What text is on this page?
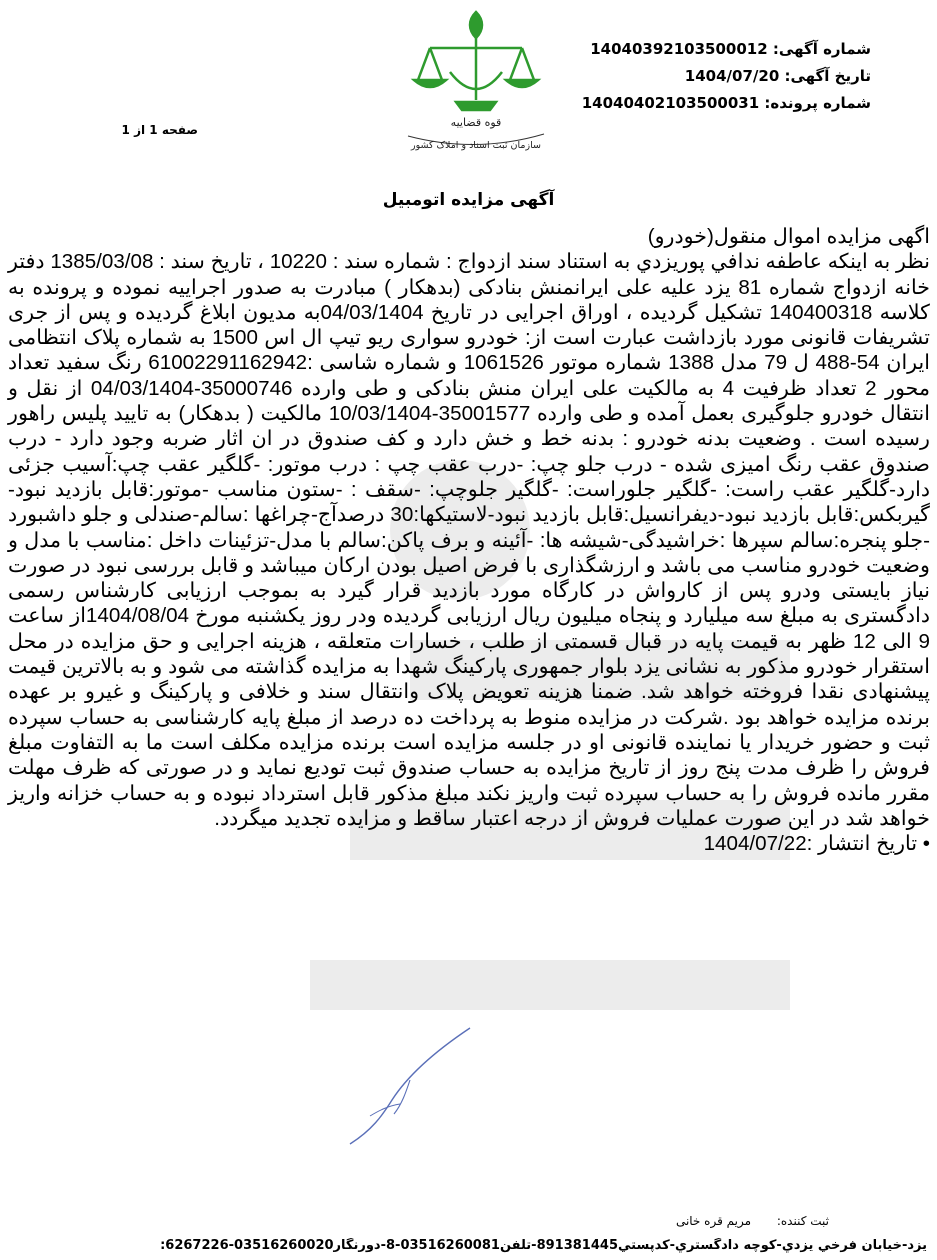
شماره آگهی: 14040392103500012
تاریخ آگهی: 1404/07/20
شماره پرونده: 14040402103500031
صفحه 1 از 1
قوه قضاییه
سازمان ثبت اسناد و املاک کشور
آگهی مزایده اتومبیل

اگهی مزایده اموال منقول(خودرو)

نظر به اینکه عاطفه ندافي پوریزدي به استناد سند ازدواج : شماره سند : 10220 ، تاریخ سند : 1385/03/08 دفتر خانه ازدواج شماره 81 یزد علیه علی ایرانمنش بنادکی (بدهکار ) مبادرت به صدور اجراییه نموده و پرونده به کلاسه 140400318 تشکیل گردیده ، اوراق اجرایی در تاریخ 04/03/1404به مدیون ابلاغ گردیده و پس از جری تشریفات قانونی مورد بازداشت عبارت است از: خودرو سواری ریو تیپ ال اس 1500 به شماره پلاک انتظامی ایران 54-488 ل 79 مدل 1388 شماره موتور 1061526 و شماره شاسی :61002291162942 رنگ سفید تعداد محور 2 تعداد ظرفیت 4 به مالکیت علی ایران منش بنادکی و طی وارده 35000746-04/03/1404 از نقل و انتقال خودرو جلوگیری بعمل آمده و طی وارده 35001577-10/03/1404 مالکیت ( بدهکار) به تایید پلیس راهور رسیده است . وضعیت بدنه خودرو : بدنه خط و خش دارد و کف صندوق در ان اثار ضربه وجود دارد - درب صندوق عقب رنگ امیزی شده - درب جلو چپ: -درب عقب چپ : درب موتور: -گلگیر عقب چپ:آسیب جزئی دارد-گلگیر عقب راست: -گلگیر جلوراست: -گلگیر جلوچپ: -سقف : -ستون مناسب -موتور:قابل بازدید نبود-گیربکس:قابل بازدید نبود-دیفرانسیل:قابل بازدید نبود-لاستیکها:30 درصدآج-چراغها :سالم-صندلی و جلو داشبورد -جلو پنجره:سالم سپرها :خراشیدگی-شیشه ها: -آئینه و برف پاکن:سالم با مدل-تزئینات داخل :مناسب با مدل و وضعیت خودرو مناسب می باشد و ارزشگذاری با فرض اصیل بودن ارکان میباشد و قابل بررسی نبود در صورت نیاز بایستی ودرو پس از کارواش در کارگاه مورد بازدید قرار گیرد به بموجب ارزیابی کارشناس رسمی دادگستری به مبلغ سه میلیارد و پنجاه میلیون ریال ارزیابی گردیده ودر روز یکشنبه مورخ 1404/08/04از ساعت 9 الی 12 ظهر به قیمت پایه در قبال قسمتی از طلب ، خسارات متعلقه ، هزینه اجرایی و حق مزایده در محل استقرار خودرو مذکور به نشانی یزد بلوار جمهوری پارکینگ شهدا به مزایده گذاشته می شود و به بالاترین قیمت پیشنهادی نقدا فروخته خواهد شد. ضمنا هزینه تعویض پلاک وانتقال سند و خلافی و پارکینگ و غیرو بر عهده برنده مزایده خواهد بود .شرکت در مزایده منوط به پرداخت ده درصد از مبلغ پایه کارشناسی به حساب سپرده ثبت و حضور خریدار یا نماینده قانونی او در جلسه مزایده است برنده مزایده مکلف است ما به التفاوت مبلغ فروش را ظرف مدت پنج روز از تاریخ مزایده به حساب صندوق ثبت تودیع نماید و در صورتی که ظرف مهلت مقرر مانده فروش را به حساب سپرده ثبت واریز نکند مبلغ مذکور قابل استرداد نبوده و به حساب خزانه واریز خواهد شد در این صورت عملیات فروش از درجه اعتبار ساقط و مزایده تجدید میگردد.

• تاریخ انتشار :1404/07/22

ثبت کننده: مریم قره خانی
یزد-خیابان فرخي یزدي-کوچه دادگستري-کدپستي891381445-تلفن03516260081-8-دورنگار03516260020-6267226:
